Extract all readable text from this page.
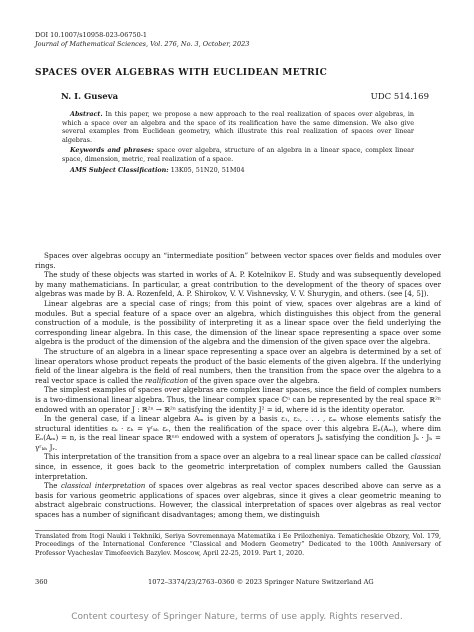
DOI 10.1007/s10958-023-06750-1
Journal of Mathematical Sciences, Vol. 276, No. 3, October, 2023
SPACES OVER ALGEBRAS WITH EUCLIDEAN METRIC
N. I. Guseva	UDC 514.169

Abstract. In this paper, we propose a new approach to the real realization of spaces over algebras, in which a space over an algebra and the space of its realification have the same dimension. We also give several examples from Euclidean geometry, which illustrate this real realization of spaces over linear algebras.

Keywords and phrases: space over algebra, structure of an algebra in a linear space, complex linear space, dimension, metric, real realization of a space.

AMS Subject Classification: 13K05, 51N20, 51M04

Spaces over algebras occupy an “intermediate position” between vector spaces over fields and modules over rings.

The study of these objects was started in works of A. P. Kotelnikov E. Study and was subsequently developed by many mathematicians. In particular, a great contribution to the development of the theory of spaces over algebras was made by B. A. Rozenfeld, A. P. Shirokov, V. V. Vishnevsky, V. V. Shurygin, and others. (see [4, 5]).

Linear algebras are a special case of rings; from this point of view, spaces over algebras are a kind of modules. But a special feature of a space over an algebra, which distinguishes this object from the general construction of a module, is the possibility of interpreting it as a linear space over the field underlying the corresponding linear algebra. In this case, the dimension of the linear space representing a space over some algebra is the product of the dimension of the algebra and the dimension of the given space over the algebra.

The structure of an algebra in a linear space representing a space over an algebra is determined by a set of linear operators whose product repeats the product of the basic elements of the given algebra. If the underlying field of the linear algebra is the field of real numbers, then the transition from the space over the algebra to a real vector space is called the realification of the given space over the algebra.

The simplest examples of spaces over algebras are complex linear spaces, since the field of complex numbers is a two-dimensional linear algebra. Thus, the linear complex space ℂⁿ can be represented by the real space ℝ²ⁿ endowed with an operator J : ℝ²ⁿ → ℝ²ⁿ satisfying the identity J² = id, where id is the identity operator.

In the general case, if a linear algebra Aₘ is given by a basis ε₁, ε₂, . . . , εₘ whose elements satisfy the structural identities εₖ · εₕ = γʳₖₕ εᵣ, then the realification of the space over this algebra Eₙ(Aₘ), where dim Eₙ(Aₘ) = n, is the real linear space ℝⁿᵐ endowed with a system of operators Jₖ satisfying the condition Jₖ · Jₕ = γʳₖₕ Jᵣ.

This interpretation of the transition from a space over an algebra to a real linear space can be called classical since, in essence, it goes back to the geometric interpretation of complex numbers called the Gaussian interpretation.

The classical interpretation of spaces over algebras as real vector spaces described above can serve as a basis for various geometric applications of spaces over algebras, since it gives a clear geometric meaning to abstract algebraic constructions. However, the classical interpretation of spaces over algebras as real vector spaces has a number of significant disadvantages; among them, we distinguish

Translated from Itogi Nauki i Tekhniki, Seriya Sovremennaya Matematika i Ee Prilozheniya. Tematicheskie Obzory, Vol. 179, Proceedings of the International Conference “Classical and Modern Geometry” Dedicated to the 100th Anniversary of Professor Vyacheslav Timofeevich Bazylev. Moscow, April 22-25, 2019. Part 1, 2020.

360	1072–3374/23/2763–0360 © 2023 Springer Nature Switzerland AG
Content courtesy of Springer Nature, terms of use apply. Rights reserved.
